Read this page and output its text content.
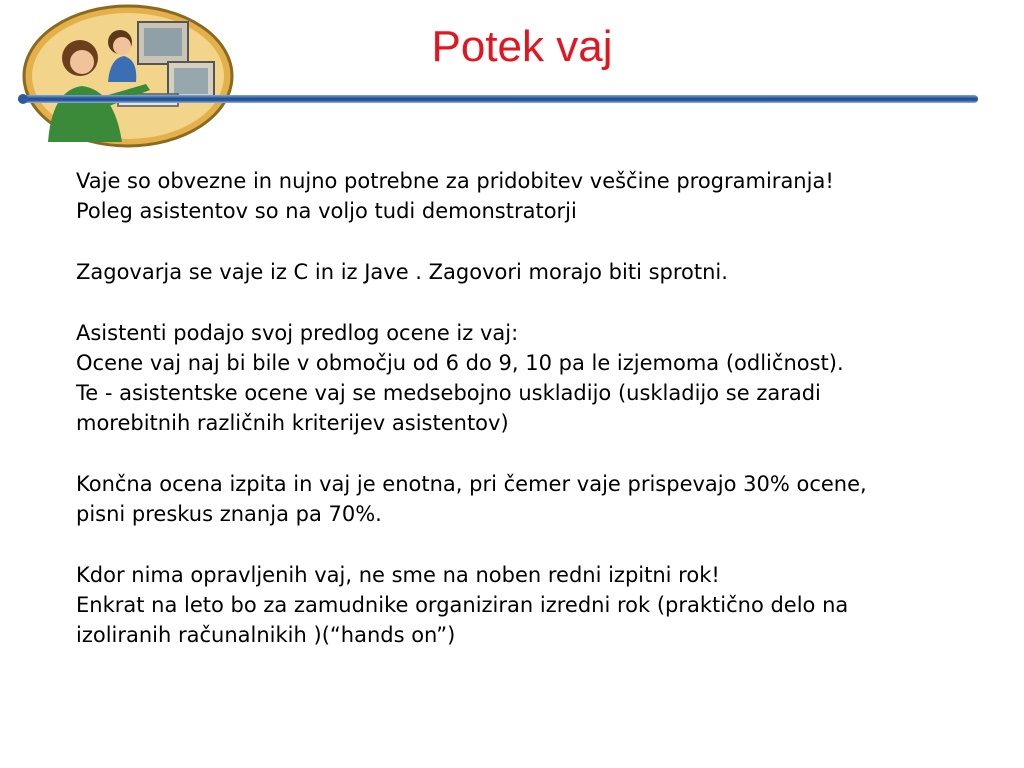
Potek vaj

Vaje so obvezne in nujno potrebne za pridobitev veščine programiranja!

Poleg asistentov so na voljo tudi demonstratorji

Zagovarja se vaje iz C in iz Jave . Zagovori morajo biti sprotni.

Asistenti podajo svoj predlog ocene iz vaj:

Ocene vaj naj bi bile v območju od 6 do 9, 10 pa le izjemoma (odličnost).

Te - asistentske ocene vaj se medsebojno uskladijo (uskladijo se zaradi

morebitnih različnih kriterijev asistentov)

Končna ocena izpita in vaj je enotna, pri čemer vaje prispevajo 30% ocene,

pisni preskus znanja pa 70%.

Kdor nima opravljenih vaj, ne sme na noben redni izpitni rok!

Enkrat na leto bo za zamudnike organiziran izredni rok (praktično delo na

izoliranih računalnikih )(“hands on”)
